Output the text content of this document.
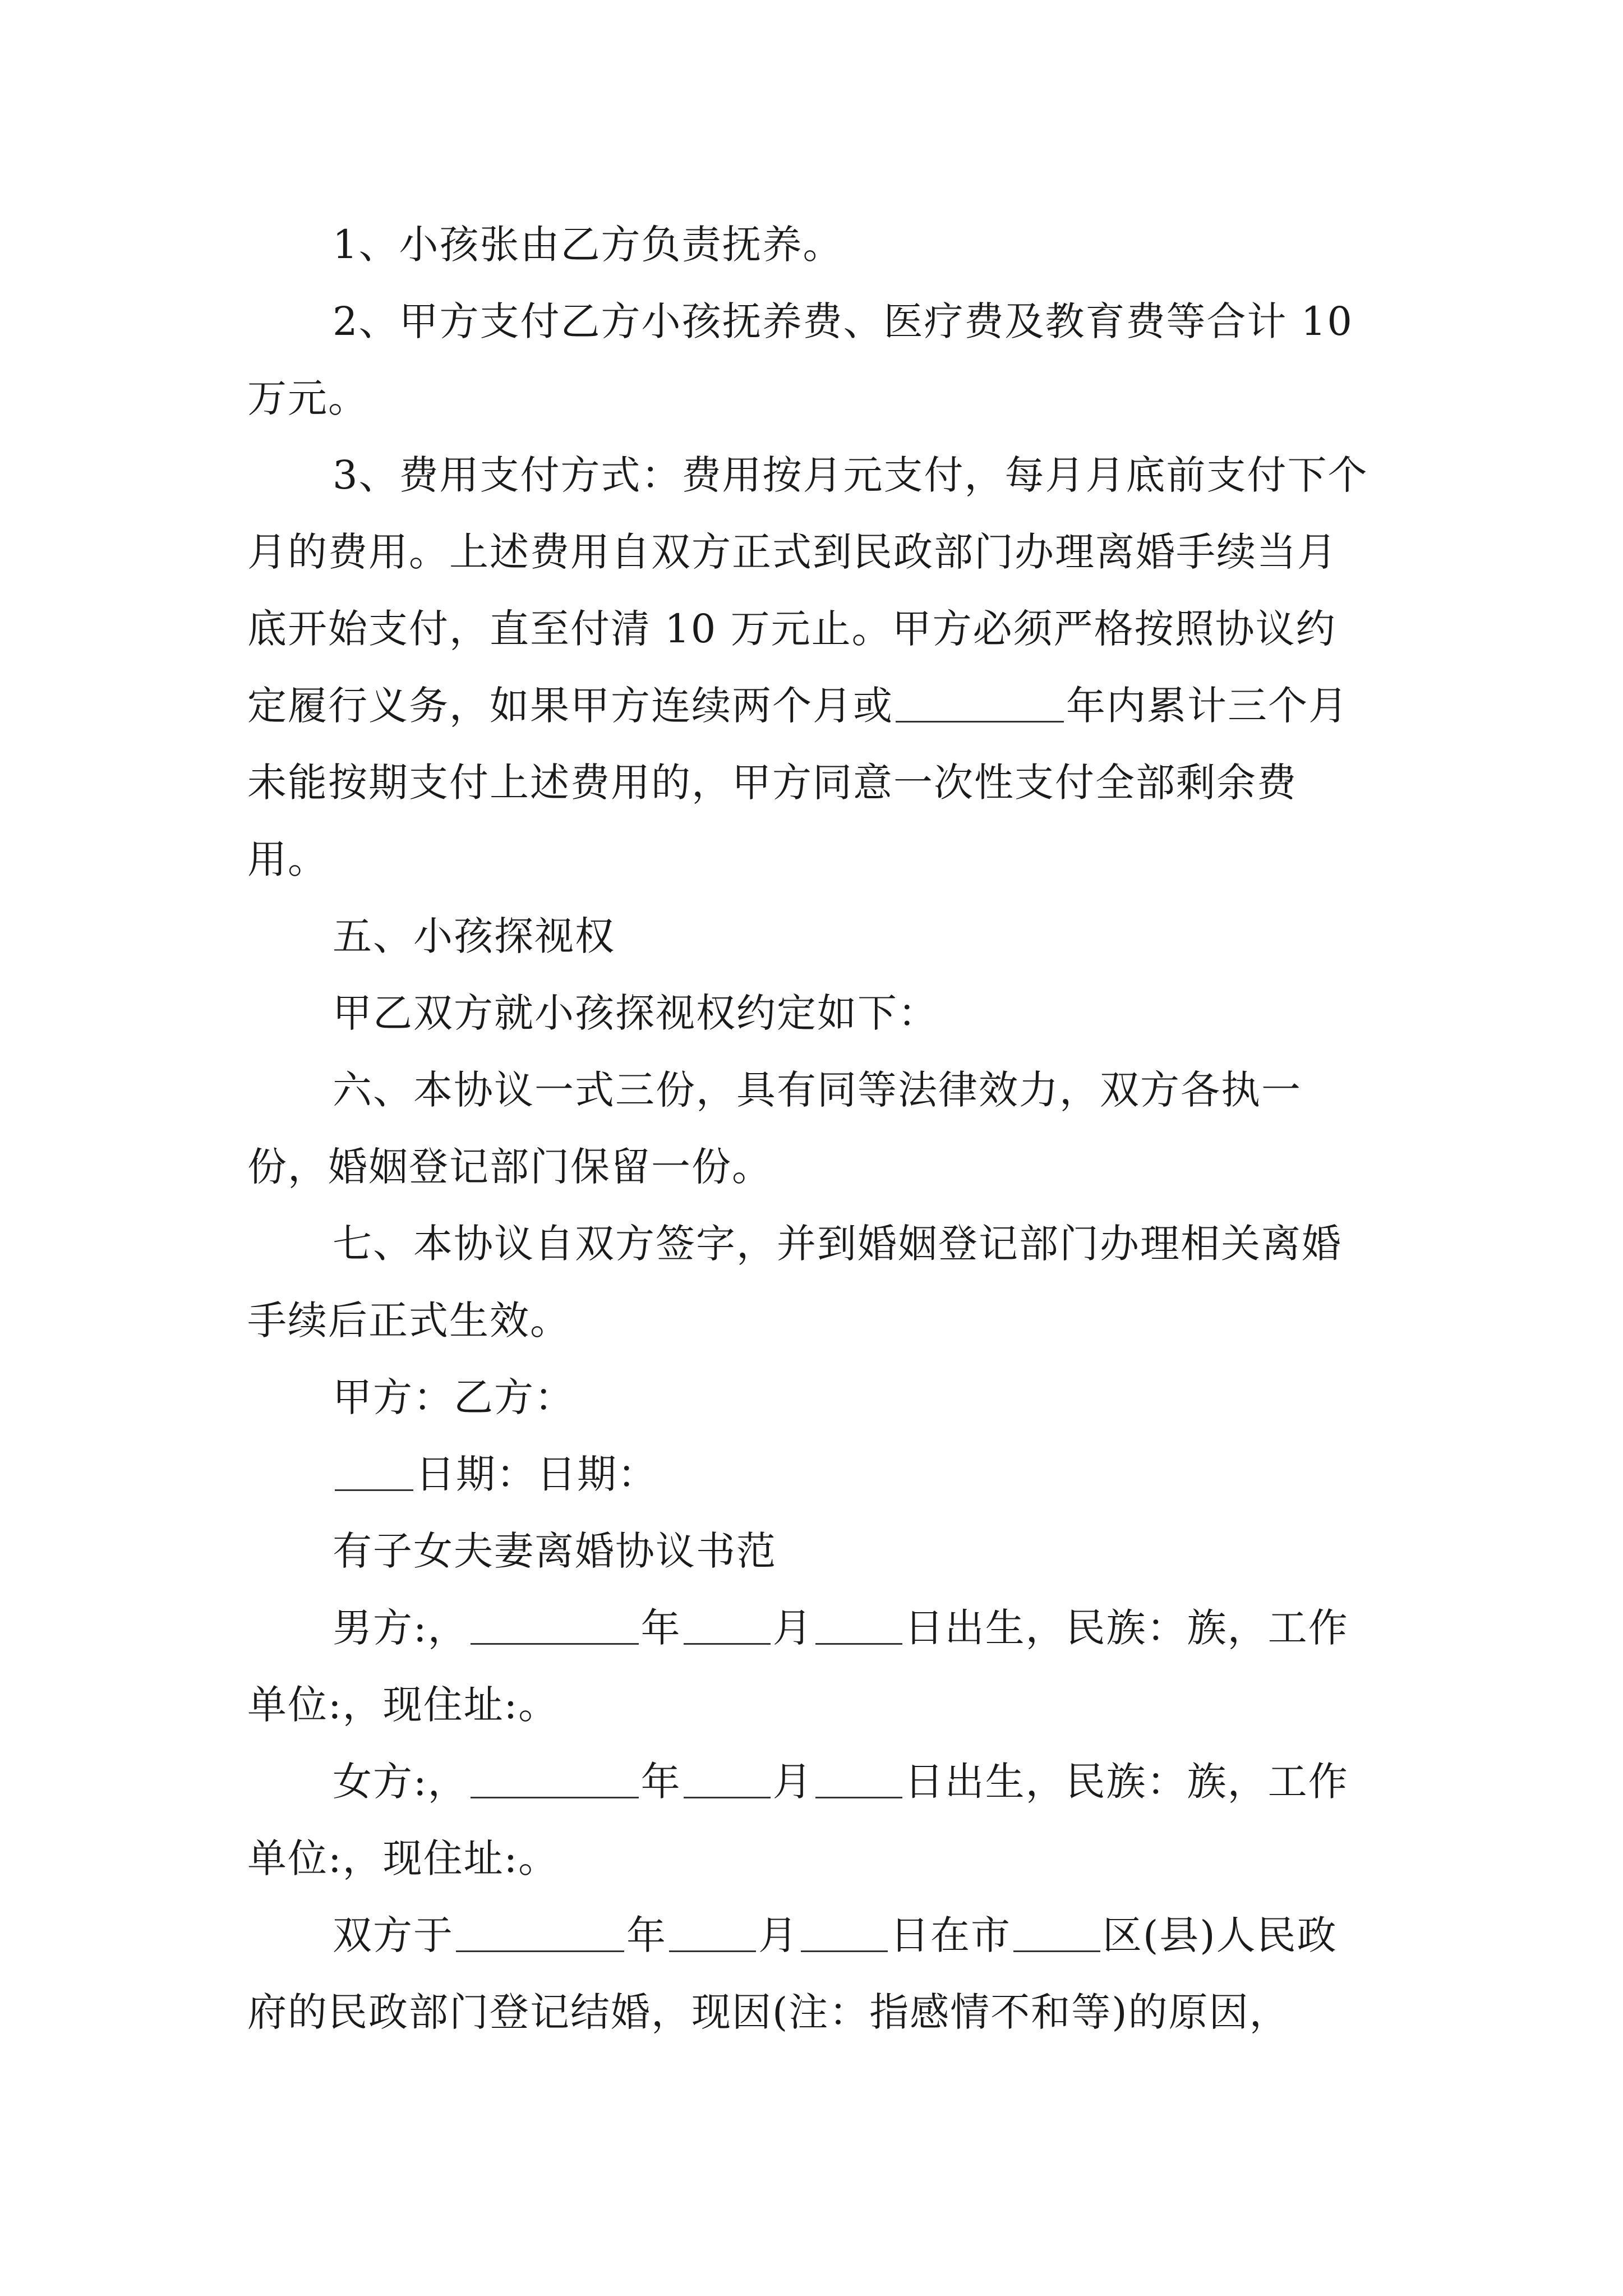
1、小孩张由乙方负责抚养。

2、甲方支付乙方小孩抚养费、医疗费及教育费等合计 10 万元。

3、费用支付方式：费用按月元支付，每月月底前支付下个月的费用。上述费用自双方正式到民政部门办理离婚手续当月底开始支付，直至付清 10 万元止。甲方必须严格按照协议约定履行义务，如果甲方连续两个月或	年内累计三个月未能按期支付上述费用的，甲方同意一次性支付全部剩余费用。

五、小孩探视权

甲乙双方就小孩探视权约定如下：

六、本协议一式三份，具有同等法律效力，双方各执一份，婚姻登记部门保留一份。

七、本协议自双方签字，并到婚姻登记部门办理相关离婚手续后正式生效。

甲方：乙方：

日期：日期：

有子女夫妻离婚协议书范

男方:，	年 月 日出生，民族：族，工作单位:，现住址:。

女方:，	年 月 日出生，民族：族，工作单位:，现住址:。

双方于	年 月 日在市 区(县)人民政府的民政部门登记结婚，现因(注：指感情不和等)的原因，
